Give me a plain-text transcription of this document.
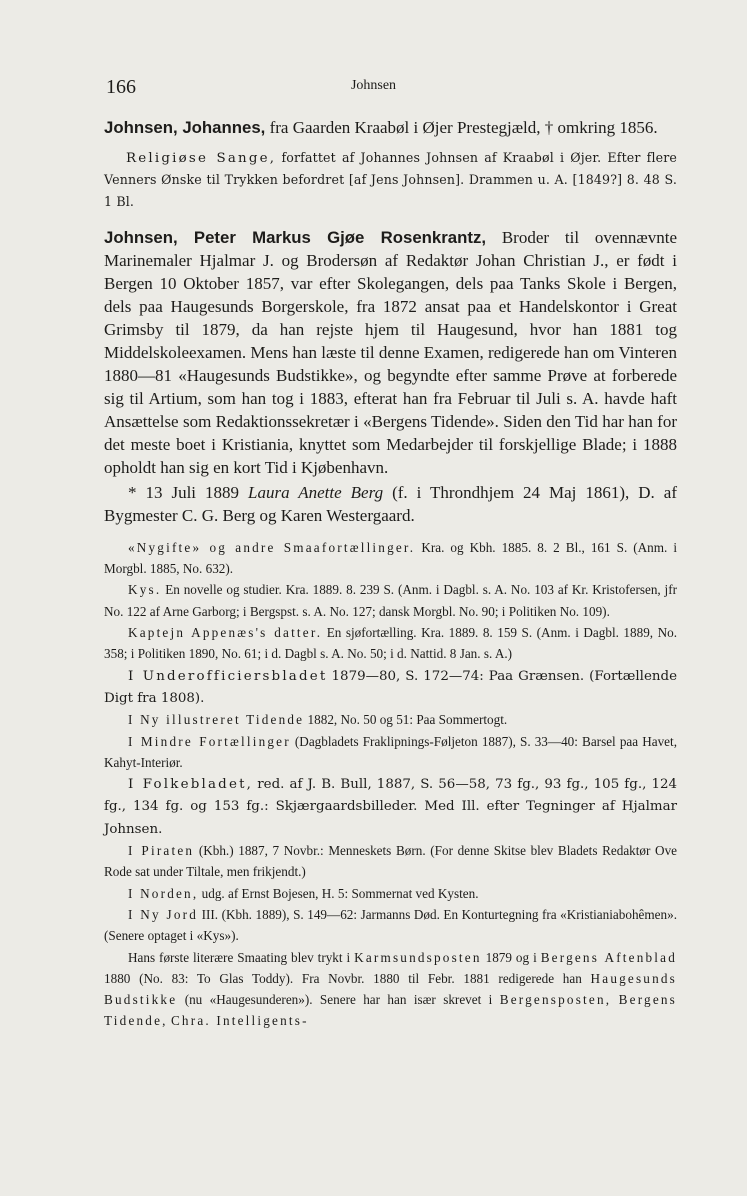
166	Johnsen

Johnsen, Johannes, fra Gaarden Kraabøl i Øjer Prestegjæld, † omkring 1856.

Religiøse Sange, forfattet af Johannes Johnsen af Kraabøl i Øjer. Efter flere Venners Ønske til Trykken befordret [af Jens Johnsen]. Drammen u. A. [1849?] 8. 48 S. 1 Bl.

Johnsen, Peter Markus Gjøe Rosenkrantz, Broder til ovennævnte Marinemaler Hjalmar J. og Brodersøn af Redaktør Johan Christian J., er født i Bergen 10 Oktober 1857, var efter Skolegangen, dels paa Tanks Skole i Bergen, dels paa Haugesunds Borgerskole, fra 1872 ansat paa et Handelskontor i Great Grimsby til 1879, da han rejste hjem til Haugesund, hvor han 1881 tog Middelskoleexamen. Mens han læste til denne Examen, redigerede han om Vinteren 1880—81 «Haugesunds Budstikke», og begyndte efter samme Prøve at forberede sig til Artium, som han tog i 1883, efterat han fra Februar til Juli s. A. havde haft Ansættelse som Redaktionssekretær i «Bergens Tidende». Siden den Tid har han for det meste boet i Kristiania, knyttet som Medarbejder til forskjellige Blade; i 1888 opholdt han sig en kort Tid i Kjøbenhavn.

* 13 Juli 1889 Laura Anette Berg (f. i Throndhjem 24 Maj 1861), D. af Bygmester C. G. Berg og Karen Westergaard.

«Nygifte» og andre Smaafortællinger. Kra. og Kbh. 1885. 8. 2 Bl., 161 S. (Anm. i Morgbl. 1885, No. 632).

Kys. En novelle og studier. Kra. 1889. 8. 239 S. (Anm. i Dagbl. s. A. No. 103 af Kr. Kristofersen, jfr No. 122 af Arne Garborg; i Bergspst. s. A. No. 127; dansk Morgbl. No. 90; i Politiken No. 109).

Kaptejn Appenæs's datter. En sjøfortælling. Kra. 1889. 8. 159 S. (Anm. i Dagbl. 1889, No. 358; i Politiken 1890, No. 61; i d. Dagbl s. A. No. 50; i d. Nattid. 8 Jan. s. A.)

I Underofficiersbladet 1879—80, S. 172—74: Paa Grænsen. (Fortællende Digt fra 1808).

I Ny illustreret Tidende 1882, No. 50 og 51: Paa Sommertogt.

I Mindre Fortællinger (Dagbladets Fraklipnings-Føljeton 1887), S. 33—40: Barsel paa Havet, Kahyt-Interiør.

I Folkebladet, red. af J. B. Bull, 1887, S. 56—58, 73 fg., 93 fg., 105 fg., 124 fg., 134 fg. og 153 fg.: Skjærgaardsbilleder. Med Ill. efter Tegninger af Hjalmar Johnsen.

I Piraten (Kbh.) 1887, 7 Novbr.: Menneskets Børn. (For denne Skitse blev Bladets Redaktør Ove Rode sat under Tiltale, men frikjendt.)

I Norden, udg. af Ernst Bojesen, H. 5: Sommernat ved Kysten.

I Ny Jord III. (Kbh. 1889), S. 149—62: Jarmanns Død. En Konturtegning fra «Kristianiabohêmen». (Senere optaget i «Kys»).

Hans første literære Smaating blev trykt i Karmsundsposten 1879 og i Bergens Aftenblad 1880 (No. 83: To Glas Toddy). Fra Novbr. 1880 til Febr. 1881 redigerede han Haugesunds Budstikke (nu «Haugesunderen»). Senere har han især skrevet i Bergensposten, Bergens Tidende, Chra. Intelligents-
